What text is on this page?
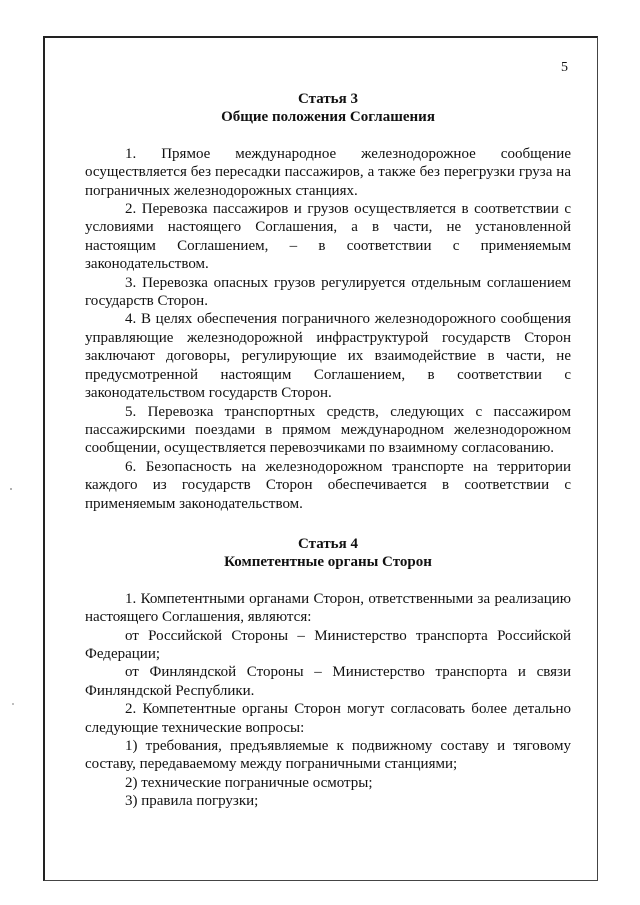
5

Статья 3

Общие положения Соглашения

1. Прямое международное железнодорожное сообщение осуществляется без пересадки пассажиров, а также без перегрузки груза на пограничных железнодорожных станциях.

2. Перевозка пассажиров и грузов осуществляется в соответствии с условиями настоящего Соглашения, а в части, не установленной настоящим Соглашением, – в соответствии с применяемым законодательством.

3. Перевозка опасных грузов регулируется отдельным соглашением государств Сторон.

4. В целях обеспечения пограничного железнодорожного сообщения управляющие железнодорожной инфраструктурой государств Сторон заключают договоры, регулирующие их взаимодействие в части, не предусмотренной настоящим Соглашением, в соответствии с законодательством государств Сторон.

5. Перевозка транспортных средств, следующих с пассажиром пассажирскими поездами в прямом международном железнодорожном сообщении, осуществляется перевозчиками по взаимному согласованию.

6. Безопасность на железнодорожном транспорте на территории каждого из государств Сторон обеспечивается в соответствии с применяемым законодательством.

Статья 4

Компетентные органы Сторон

1. Компетентными органами Сторон, ответственными за реализацию настоящего Соглашения, являются:

от Российской Стороны – Министерство транспорта Российской Федерации;

от Финляндской Стороны – Министерство транспорта и связи Финляндской Республики.

2. Компетентные органы Сторон могут согласовать более детально следующие технические вопросы:

1) требования, предъявляемые к подвижному составу и тяговому составу, передаваемому между пограничными станциями;

2) технические пограничные осмотры;

3) правила погрузки;
